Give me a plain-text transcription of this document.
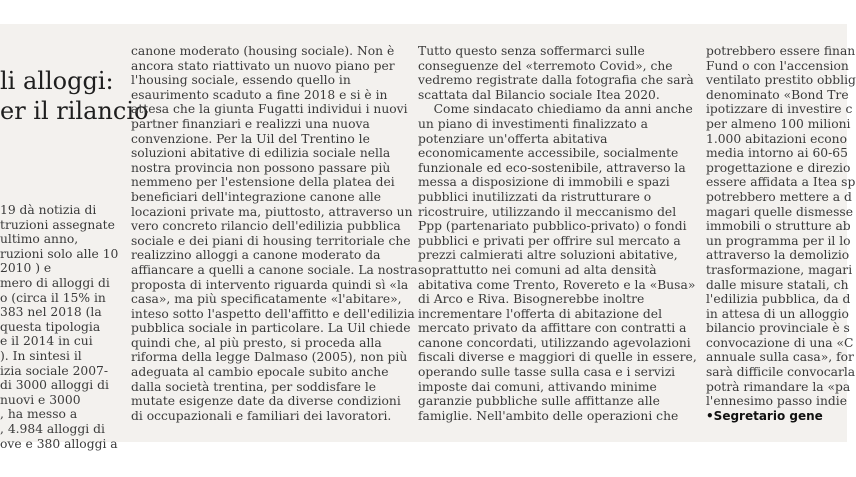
li alloggi:
er il rilancio
19 dà notizia di
truzioni assegnate
ultimo anno,
ruzioni solo alle 10
2010 ) e
mero di alloggi di
o (circa il 15% in
383 nel 2018 (la
questa tipologia
e il 2014 in cui
). In sintesi il
izia sociale 2007-
di 3000 alloggi di
nuovi e 3000
, ha messo a
, 4.984 alloggi di
ove e 380 alloggi a
canone moderato (housing sociale). Non è
ancora stato riattivato un nuovo piano per
l'housing sociale, essendo quello in
esaurimento scaduto a fine 2018 e si è in
attesa che la giunta Fugatti individui i nuovi
partner finanziari e realizzi una nuova
convenzione. Per la Uil del Trentino le
soluzioni abitative di edilizia sociale nella
nostra provincia non possono passare più
nemmeno per l'estensione della platea dei
beneficiari dell'integrazione canone alle
locazioni private ma, piuttosto, attraverso un
vero concreto rilancio dell'edilizia pubblica
sociale e dei piani di housing territoriale che
realizzino alloggi a canone moderato da
affiancare a quelli a canone sociale. La nostra
proposta di intervento riguarda quindi sì «la
casa», ma più specificatamente «l'abitare»,
inteso sotto l'aspetto dell'affitto e dell'edilizia
pubblica sociale in particolare. La Uil chiede
quindi che, al più presto, si proceda alla
riforma della legge Dalmaso (2005), non più
adeguata al cambio epocale subito anche
dalla società trentina, per soddisfare le
mutate esigenze date da diverse condizioni
di occupazionali e familiari dei lavoratori.
Tutto questo senza soffermarci sulle
conseguenze del «terremoto Covid», che
vedremo registrate dalla fotografia che sarà
scattata dal Bilancio sociale Itea 2020.
Come sindacato chiediamo da anni anche
un piano di investimenti finalizzato a
potenziare un'offerta abitativa
economicamente accessibile, socialmente
funzionale ed eco-sostenibile, attraverso la
messa a disposizione di immobili e spazi
pubblici inutilizzati da ristrutturare o
ricostruire, utilizzando il meccanismo del
Ppp (partenariato pubblico-privato) o fondi
pubblici e privati per offrire sul mercato a
prezzi calmierati altre soluzioni abitative,
soprattutto nei comuni ad alta densità
abitativa come Trento, Rovereto e la «Busa»
di Arco e Riva. Bisognerebbe inoltre
incrementare l'offerta di abitazione del
mercato privato da affittare con contratti a
canone concordati, utilizzando agevolazioni
fiscali diverse e maggiori di quelle in essere,
operando sulle tasse sulla casa e i servizi
imposte dai comuni, attivando minime
garanzie pubbliche sulle affittanze alle
famiglie. Nell'ambito delle operazioni che
potrebbero essere finan
Fund o con l'accension
ventilato prestito obblig
denominato «Bond Tre
ipotizzare di investire c
per almeno 100 milioni
1.000 abitazioni econo
media intorno ai 60-65
progettazione e direzio
essere affidata a Itea sp
potrebbero mettere a d
magari quelle dismesse
immobili o strutture ab
un programma per il lo
attraverso la demolizio
trasformazione, magari
dalle misure statali, ch
l'edilizia pubblica, da d
in attesa di un alloggio
bilancio provinciale è s
convocazione di una «C
annuale sulla casa», for
sarà difficile convocarla
potrà rimandare la «pa
l'ennesimo passo indie
•Segretario gene
